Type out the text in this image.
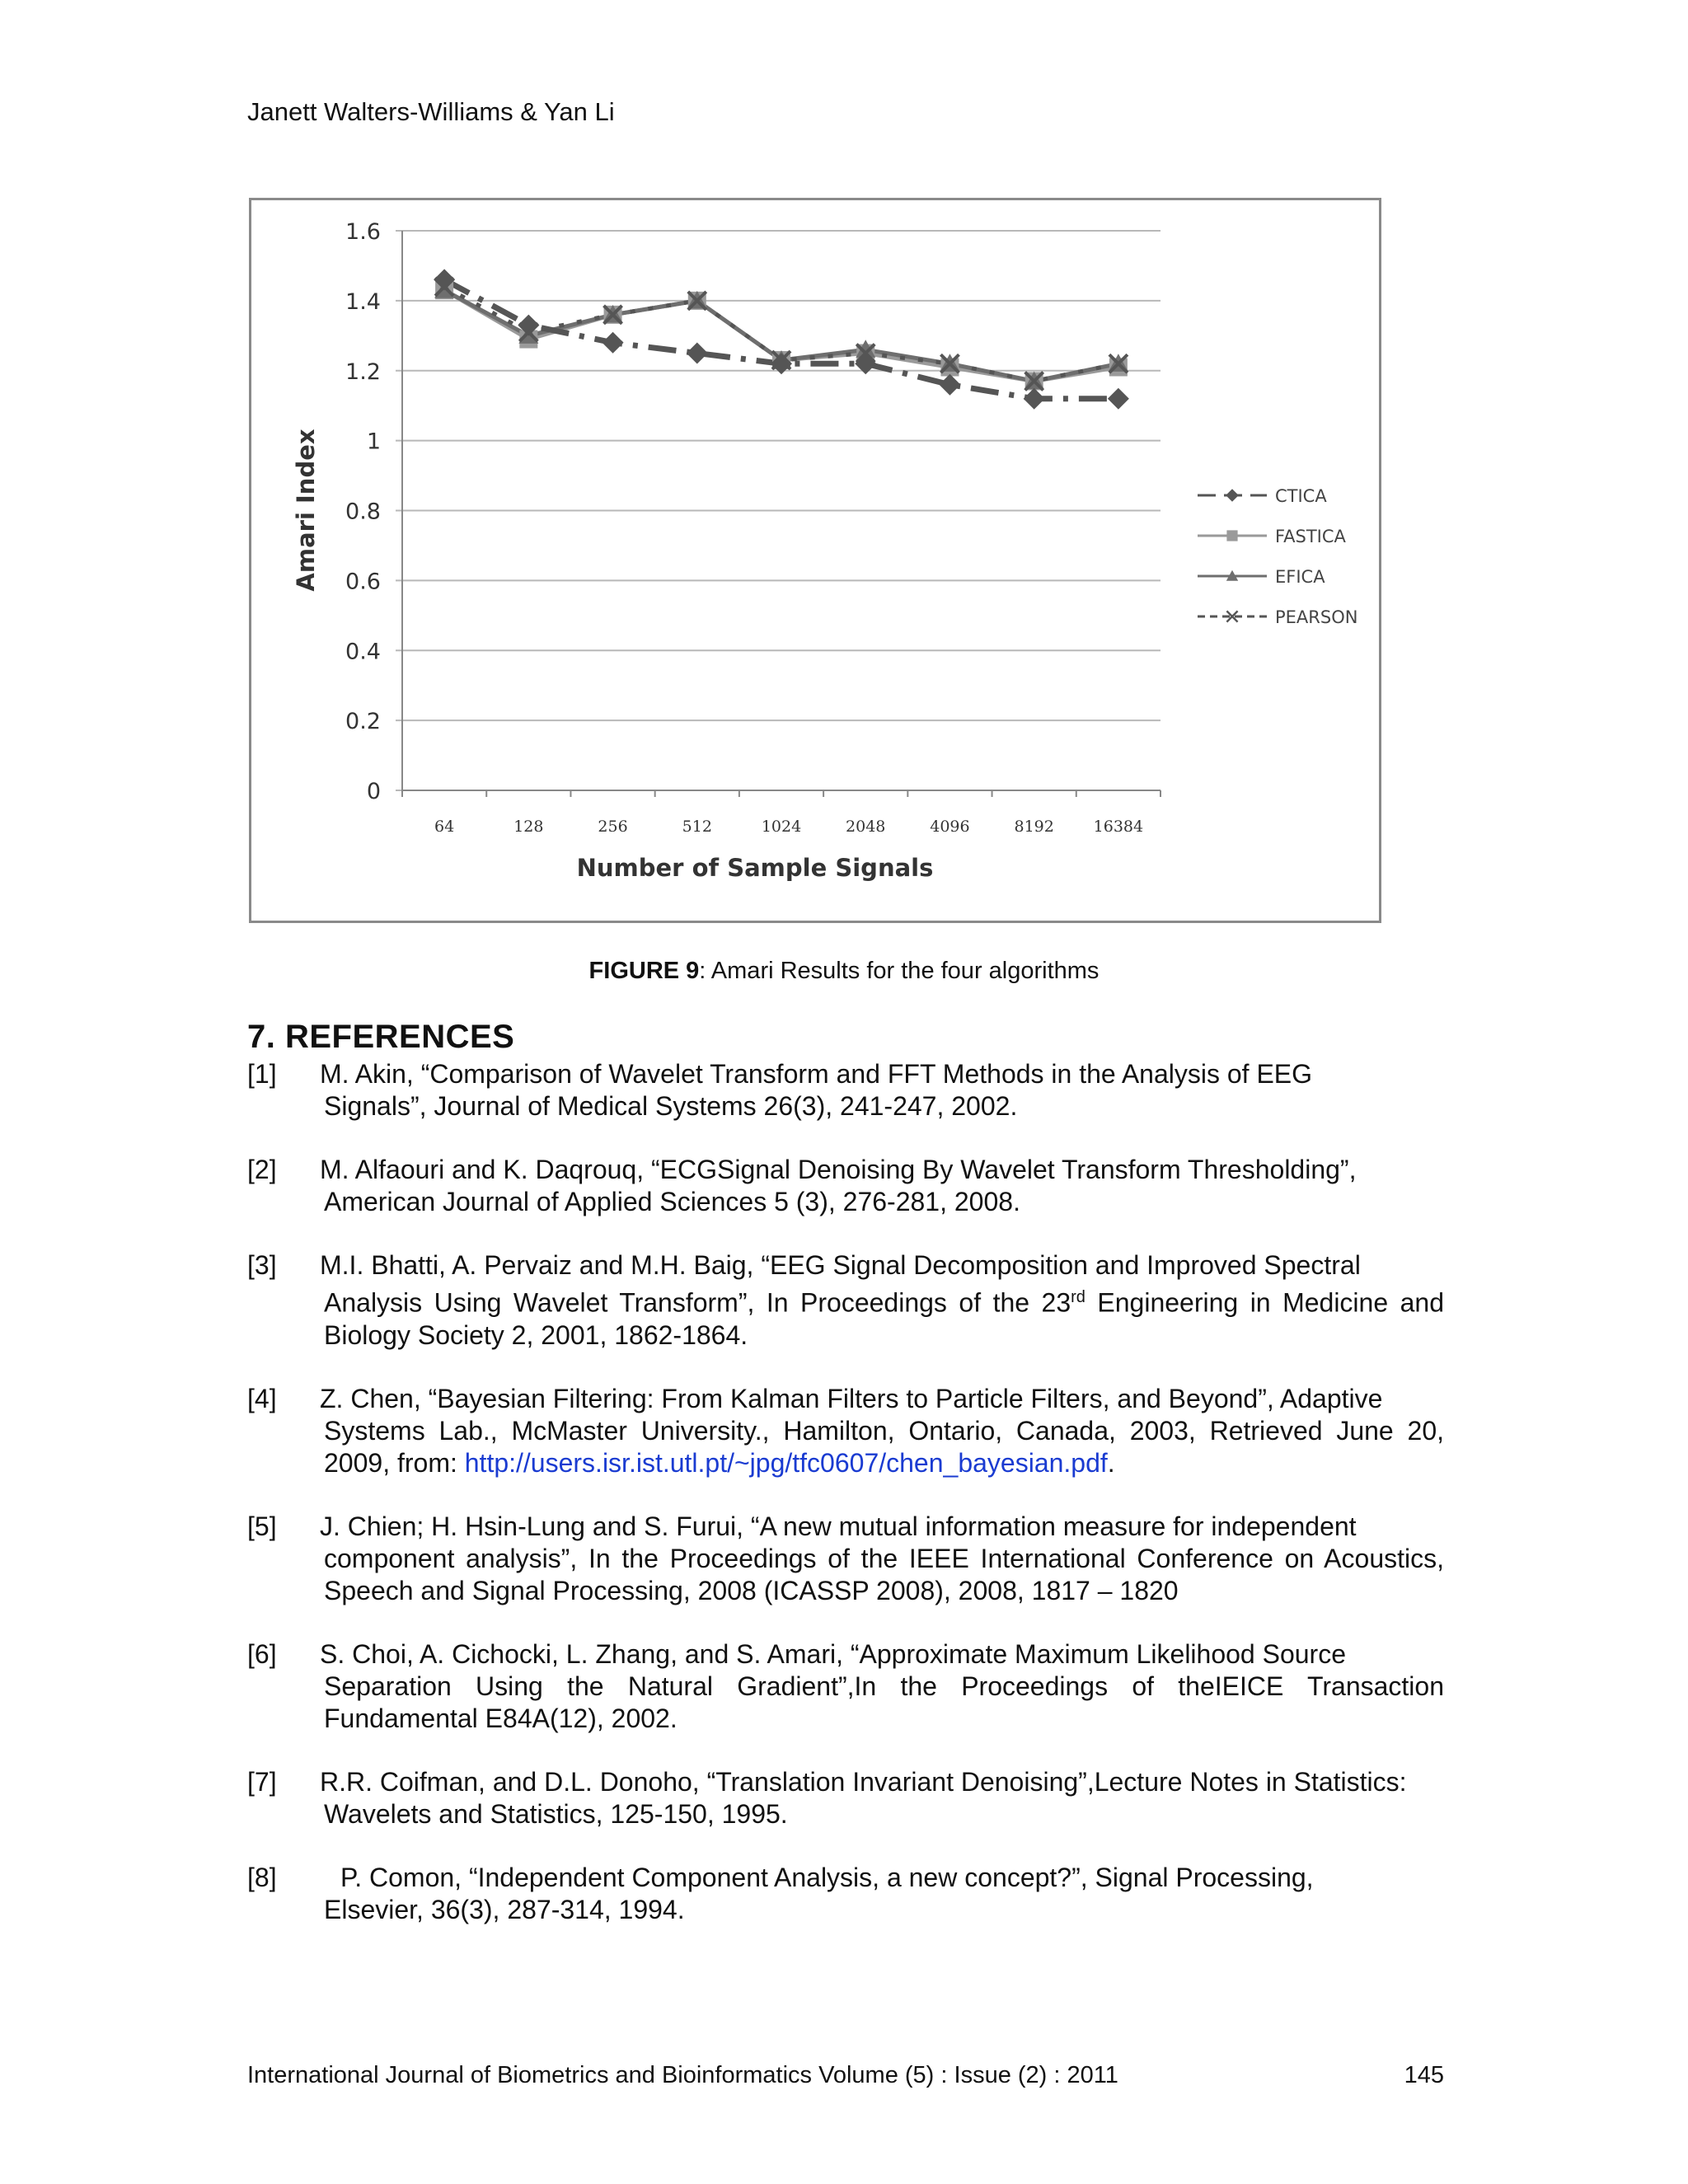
Janett Walters-Williams & Yan Li
0
0.2
0.4
0.6
0.8
1
1.2
1.4
1.6
64	128	256	512	1024	2048	4096	8192	16384
Number of Sample Signals
Amari Index	CTICA
FASTICA
EFICA
PEARSON
FIGURE 9: Amari Results for the four algorithms
7. REFERENCES
[1] M. Akin, “Comparison of Wavelet Transform and FFT Methods in the Analysis of EEG
Signals”, Journal of Medical Systems 26(3), 241-247, 2002.
[2] M. Alfaouri and K. Daqrouq, “ECGSignal Denoising By Wavelet Transform Thresholding”,
American Journal of Applied Sciences 5 (3), 276-281, 2008.
[3] M.I. Bhatti, A. Pervaiz and M.H. Baig, “EEG Signal Decomposition and Improved Spectral
Analysis Using Wavelet Transform”, In Proceedings of the 23rd Engineering in Medicine and Biology Society 2, 2001, 1862-1864.
[4] Z. Chen, “Bayesian Filtering: From Kalman Filters to Particle Filters, and Beyond”, Adaptive
Systems Lab., McMaster University., Hamilton, Ontario, Canada, 2003, Retrieved June 20, 2009, from: http://users.isr.ist.utl.pt/~jpg/tfc0607/chen_bayesian.pdf.
[5] J. Chien; H. Hsin-Lung and S. Furui, “A new mutual information measure for independent
component analysis”, In the Proceedings of the IEEE International Conference on Acoustics, Speech and Signal Processing, 2008 (ICASSP 2008), 2008, 1817 – 1820
[6] S. Choi, A. Cichocki, L. Zhang, and S. Amari, “Approximate Maximum Likelihood Source
Separation Using the Natural Gradient”,In the Proceedings of theIEICE Transaction Fundamental E84A(12), 2002.
[7] R.R. Coifman, and D.L. Donoho, “Translation Invariant Denoising”,Lecture Notes in Statistics:
Wavelets and Statistics, 125-150, 1995.
[8] P. Comon, “Independent Component Analysis, a new concept?”, Signal Processing,
Elsevier, 36(3), 287-314, 1994.
International Journal of Biometrics and Bioinformatics Volume (5) : Issue (2) : 2011	145
